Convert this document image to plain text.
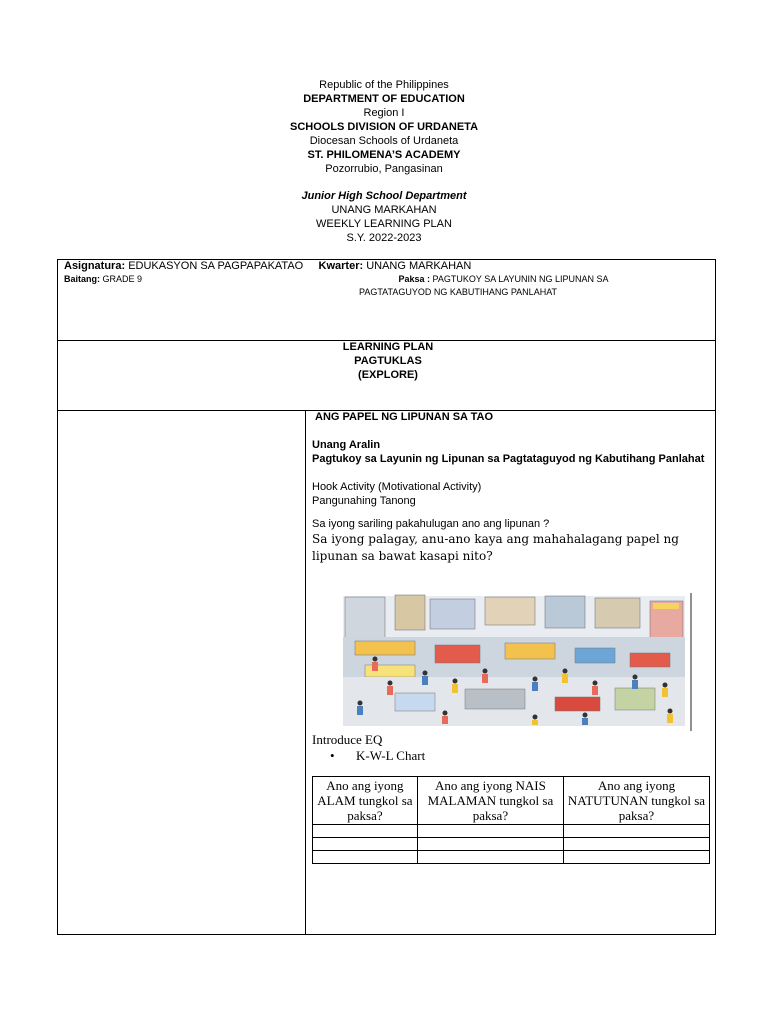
Republic of the Philippines
DEPARTMENT OF EDUCATION
Region I
SCHOOLS DIVISION OF URDANETA
Diocesan Schools of Urdaneta
ST. PHILOMENA’S ACADEMY
Pozorrubio, Pangasinan
Junior High School Department
UNANG MARKAHAN
WEEKLY LEARNING PLAN
S.Y. 2022-2023
Asignatura: EDUKASYON SA PAGPAPAKATAO Kwarter: UNANG MARKAHAN
Baitang: GRADE 9	Paksa : PAGTUKOY SA LAYUNIN NG LIPUNAN SA
PAGTATAGUYOD NG KABUTIHANG PANLAHAT
LEARNING PLAN
PAGTUKLAS
(EXPLORE)
ANG PAPEL NG LIPUNAN SA TAO
Unang Aralin
Pagtukoy sa Layunin ng Lipunan sa Pagtataguyod ng Kabutihang Panlahat
Hook Activity (Motivational Activity)
Pangunahing Tanong
Sa iyong sariling pakahulugan ano ang lipunan ?
Sa iyong palagay, anu-ano kaya ang mahahalagang papel ng lipunan sa bawat kasapi nito?
Introduce EQ
• K-W-L Chart
Ano ang iyong ALAM tungkol sa paksa?	Ano ang iyong NAIS MALAMAN tungkol sa paksa?	Ano ang iyong NATUTUNAN tungkol sa paksa?
